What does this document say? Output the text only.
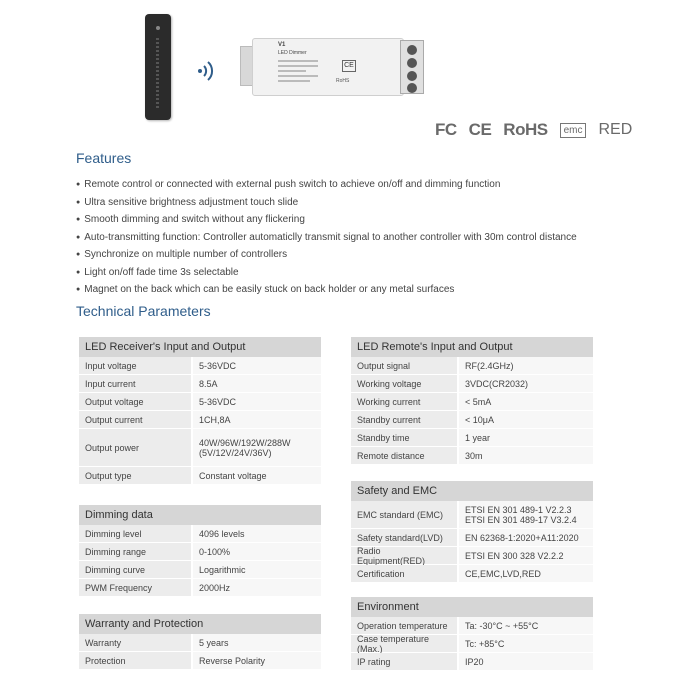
V1
LED Dimmer
CE
RoHS
FC CE RoHS	emc RED
Features
● Remote control or connected with external push switch to achieve on/off and dimming function
● Ultra sensitive brightness adjustment touch slide
● Smooth dimming and switch without any flickering
● Auto-transmitting function: Controller automaticlly transmit signal to another controller with 30m control distance
● Synchronize on multiple number of controllers
● Light on/off fade time 3s selectable
● Magnet on the back which can be easily stuck on back holder or any metal surfaces
Technical Parameters
LED Receiver's Input and Output
Input voltage	5-36VDC
Input current	8.5A
Output voltage	5-36VDC
Output current	1CH,8A
Output power	40W/96W/192W/288W
(5V/12V/24V/36V)
Output type	Constant voltage
Dimming data
Dimming level	4096 levels
Dimming range	0-100%
Dimming curve	Logarithmic
PWM Frequency	2000Hz
Warranty and Protection
Warranty	5 years
Protection	Reverse Polarity
LED Remote's Input and Output
Output signal	RF(2.4GHz)
Working voltage	3VDC(CR2032)
Working current	< 5mA
Standby current	< 10μA
Standby time	1 year
Remote distance	30m
Safety and EMC
EMC standard (EMC)	ETSI EN 301 489-1 V2.2.3
ETSI EN 301 489-17 V3.2.4
Safety standard(LVD)	EN 62368-1:2020+A11:2020
Radio Equipment(RED)	ETSI EN 300 328 V2.2.2
Certification	CE,EMC,LVD,RED
Environment
Operation temperature	Ta: -30°C ~ +55°C
Case temperature (Max.)	Tc: +85°C
IP rating	IP20
